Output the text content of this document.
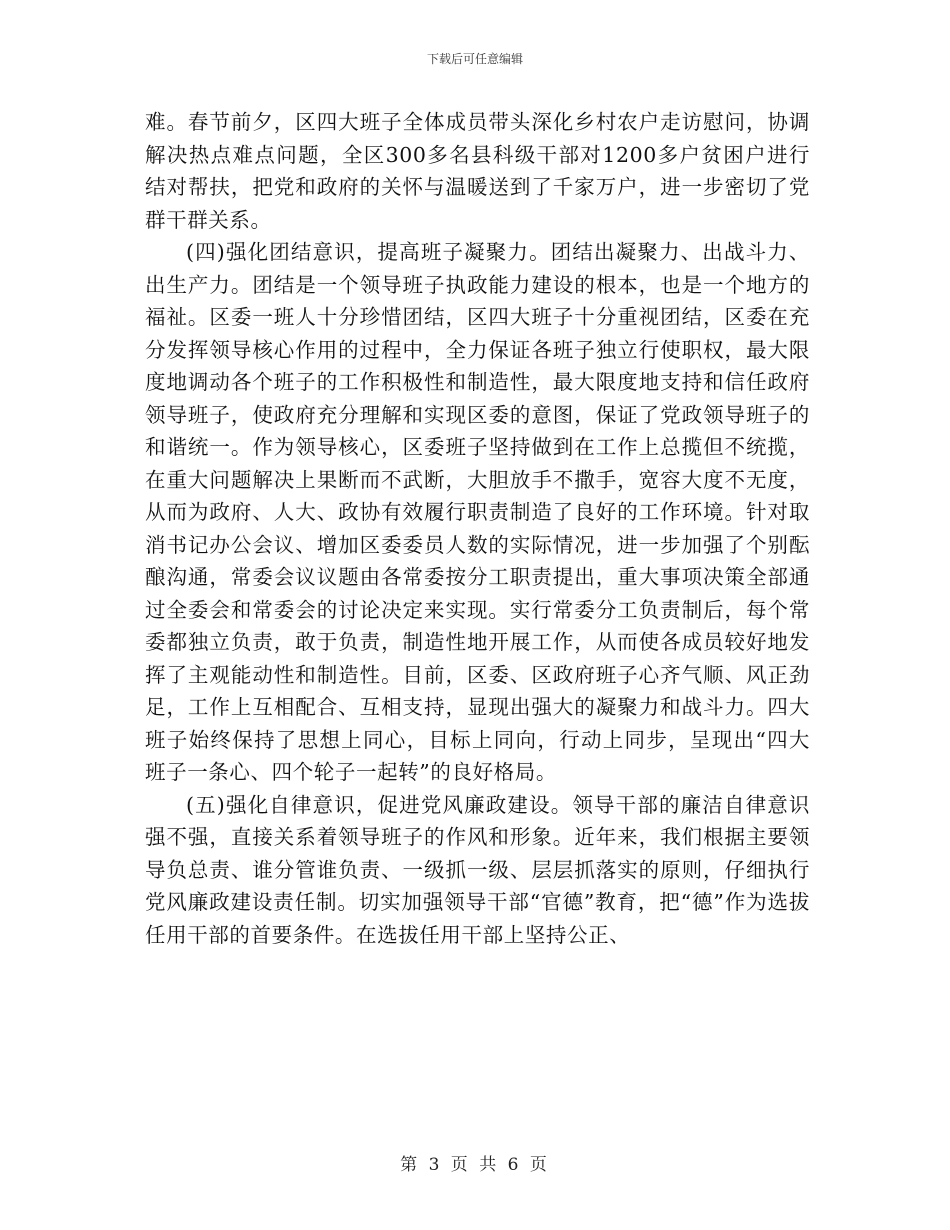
下载后可任意编辑

难。春节前夕，区四大班子全体成员带头深化乡村农户走访慰问，协调解决热点难点问题，全区300多名县科级干部对1200多户贫困户进行结对帮扶，把党和政府的关怀与温暖送到了千家万户，进一步密切了党群干群关系。

(四)强化团结意识，提高班子凝聚力。团结出凝聚力、出战斗力、出生产力。团结是一个领导班子执政能力建设的根本，也是一个地方的福祉。区委一班人十分珍惜团结，区四大班子十分重视团结，区委在充分发挥领导核心作用的过程中，全力保证各班子独立行使职权，最大限度地调动各个班子的工作积极性和制造性，最大限度地支持和信任政府领导班子，使政府充分理解和实现区委的意图，保证了党政领导班子的和谐统一。作为领导核心，区委班子坚持做到在工作上总揽但不统揽，在重大问题解决上果断而不武断，大胆放手不撒手，宽容大度不无度，从而为政府、人大、政协有效履行职责制造了良好的工作环境。针对取消书记办公会议、增加区委委员人数的实际情况，进一步加强了个别酝酿沟通，常委会议议题由各常委按分工职责提出，重大事项决策全部通过全委会和常委会的讨论决定来实现。实行常委分工负责制后，每个常委都独立负责，敢于负责，制造性地开展工作，从而使各成员较好地发挥了主观能动性和制造性。目前，区委、区政府班子心齐气顺、风正劲足，工作上互相配合、互相支持，显现出强大的凝聚力和战斗力。四大班子始终保持了思想上同心，目标上同向，行动上同步，呈现出“四大班子一条心、四个轮子一起转”的良好格局。

(五)强化自律意识，促进党风廉政建设。领导干部的廉洁自律意识强不强，直接关系着领导班子的作风和形象。近年来，我们根据主要领导负总责、谁分管谁负责、一级抓一级、层层抓落实的原则，仔细执行党风廉政建设责任制。切实加强领导干部“官德”教育，把“德”作为选拔任用干部的首要条件。在选拔任用干部上坚持公正、

第 3 页 共 6 页
